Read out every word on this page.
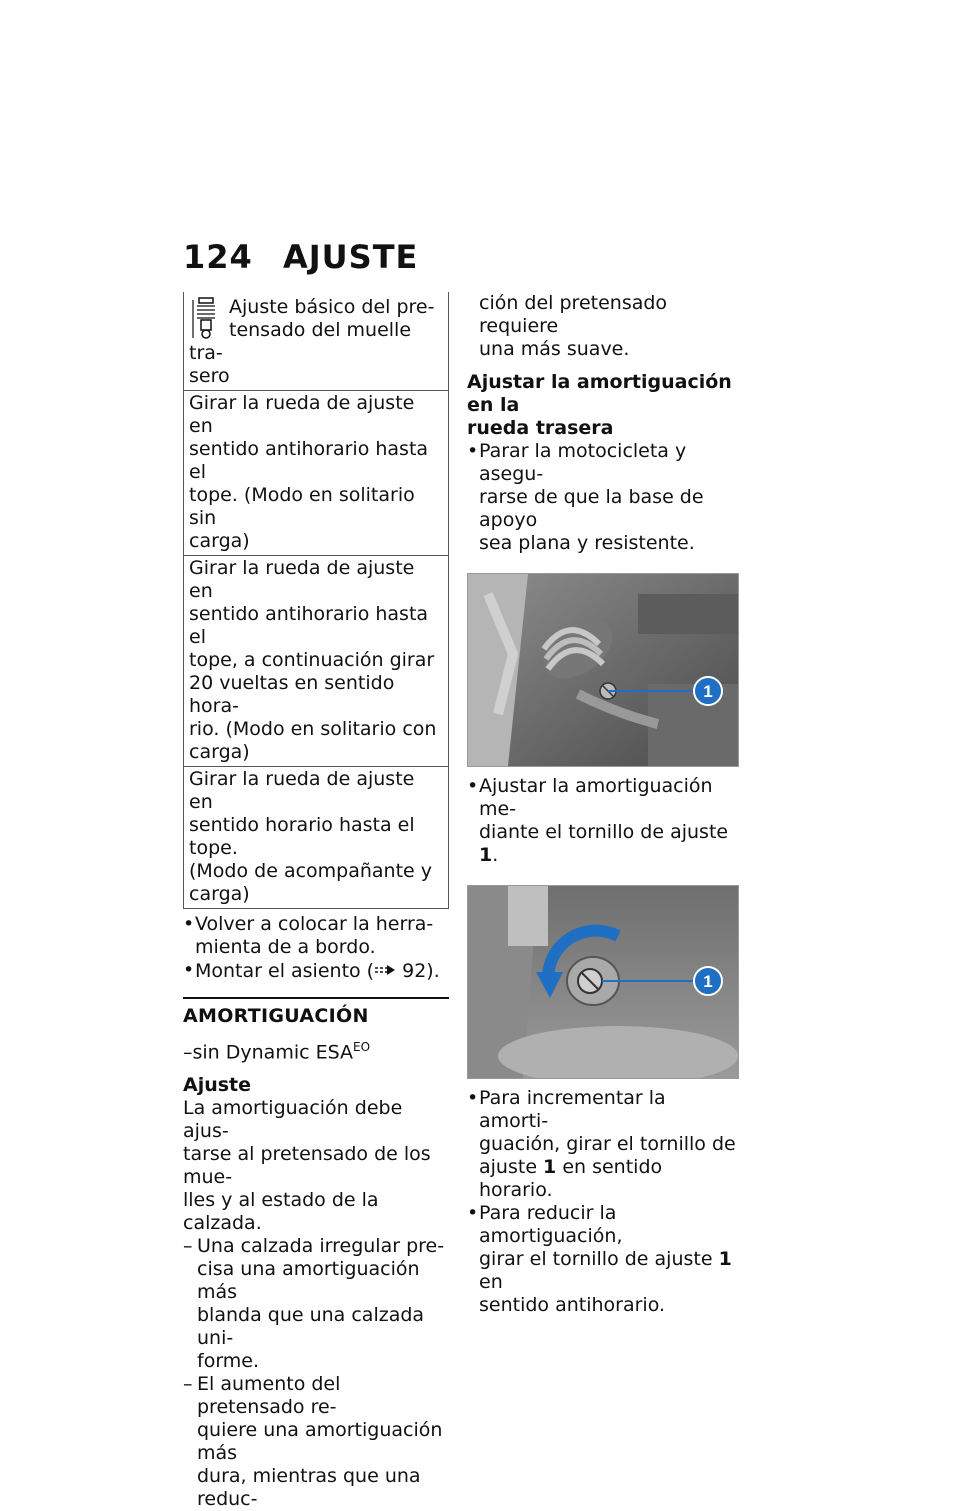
124 AJUSTE
Ajuste básico del pre-
tensado del muelle tra-
sero
Girar la rueda de ajuste en
sentido antihorario hasta el
tope. (Modo en solitario sin
carga)
Girar la rueda de ajuste en
sentido antihorario hasta el
tope, a continuación girar
20 vueltas en sentido hora-
rio. (Modo en solitario con
carga)
Girar la rueda de ajuste en
sentido horario hasta el tope.
(Modo de acompañante y
carga)
• Volver a colocar la herra-
mienta de a bordo.
• Montar el asiento ( 92).
AMORTIGUACIÓN
–sin Dynamic $ESA^{EO}$
Ajuste
La amortiguación debe ajus-
tarse al pretensado de los mue-
lles y al estado de la calzada.
– Una calzada irregular pre-
cisa una amortiguación más
blanda que una calzada uni-
forme.
– El aumento del pretensado re-
quiere una amortiguación más
dura, mientras que una reduc-
ción del pretensado requiere
una más suave.
Ajustar la amortiguación en la
rueda trasera
• Parar la motocicleta y asegu-
rarse de que la base de apoyo
sea plana y resistente.
1
• Ajustar la amortiguación me-
diante el tornillo de ajuste 1.
1
• Para incrementar la amorti-
guación, girar el tornillo de
ajuste 1 en sentido horario.
• Para reducir la amortiguación,
girar el tornillo de ajuste 1 en
sentido antihorario.
